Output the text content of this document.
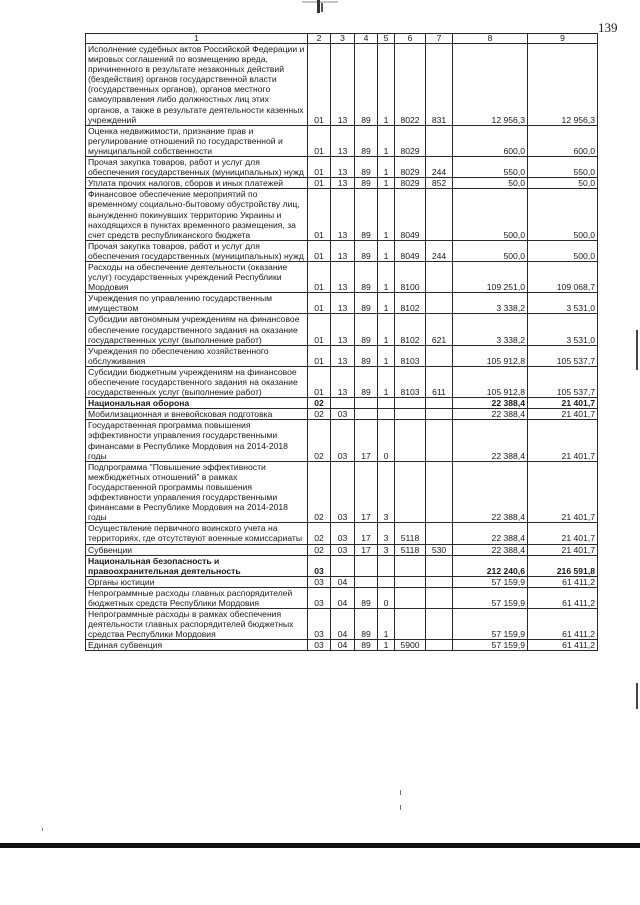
139
1	2	3	4	5	6	7	8	9
Исполнение судебных актов Российской Федерации и мировых соглашений по возмещению вреда, причиненного в результате незаконных действий (бездействия) органов государственной власти (государственных органов), органов местного самоуправления либо должностных лиц этих органов, а также в результате деятельности казенных учреждений	01	13	89	1	8022	831	12 956,3	12 956,3
Оценка недвижимости, признание прав и регулирование отношений по государственной и муниципальной собственности	01	13	89	1	8029		600,0	600,0
Прочая закупка товаров, работ и услуг для обеспечения государственных (муниципальных) нужд	01	13	89	1	8029	244	550,0	550,0
Уплата прочих налогов, сборов и иных платежей	01	13	89	1	8029	852	50,0	50,0
Финансовое обеспечение мероприятий по временному социально-бытовому обустройству лиц, вынужденно покинувших территорию Украины и находящихся в пунктах временного размещения, за счет средств республиканского бюджета	01	13	89	1	8049		500,0	500,0
Прочая закупка товаров, работ и услуг для обеспечения государственных (муниципальных) нужд	01	13	89	1	8049	244	500,0	500,0
Расходы на обеспечение деятельности (оказание услуг) государственных учреждений Республики Мордовия	01	13	89	1	8100		109 251,0	109 068,7
Учреждения по управлению государственным имуществом	01	13	89	1	8102		3 338,2	3 531,0
Субсидии автономным учреждениям на финансовое обеспечение государственного задания на оказание государственных услуг (выполнение работ)	01	13	89	1	8102	621	3 338,2	3 531,0
Учреждения по обеспечению хозяйственного обслуживания	01	13	89	1	8103		105 912,8	105 537,7
Субсидии бюджетным учреждениям на финансовое обеспечение государственного задания на оказание государственных услуг (выполнение работ)	01	13	89	1	8103	611	105 912,8	105 537,7
Национальная оборона	02						22 388,4	21 401,7
Мобилизационная и вневойсковая подготовка	02	03					22 388,4	21 401,7
Государственная программа повышения эффективности управления государственными финансами в Республике Мордовия на 2014-2018 годы	02	03	17	0			22 388,4	21 401,7
Подпрограмма "Повышение эффективности межбюджетных отношений" в рамках Государственной программы повышения эффективности управления государственными финансами в Республике Мордовия на 2014-2018 годы	02	03	17	3			22 388,4	21 401,7
Осуществление первичного воинского учета на территориях, где отсутствуют военные комиссариаты	02	03	17	3	5118		22 388,4	21 401,7
Субвенции	02	03	17	3	5118	530	22 388,4	21 401,7
Национальная безопасность и правоохранительная деятельность	03						212 240,6	216 591,8
Органы юстиции	03	04					57 159,9	61 411,2
Непрограммные расходы главных распорядителей бюджетных средств Республики Мордовия	03	04	89	0			57 159,9	61 411,2
Непрограммные расходы в рамках обеспечения деятельности главных распорядителей бюджетных средства Республики Мордовия	03	04	89	1			57 159,9	61 411,2
Единая субвенция	03	04	89	1	5900		57 159,9	61 411,2
